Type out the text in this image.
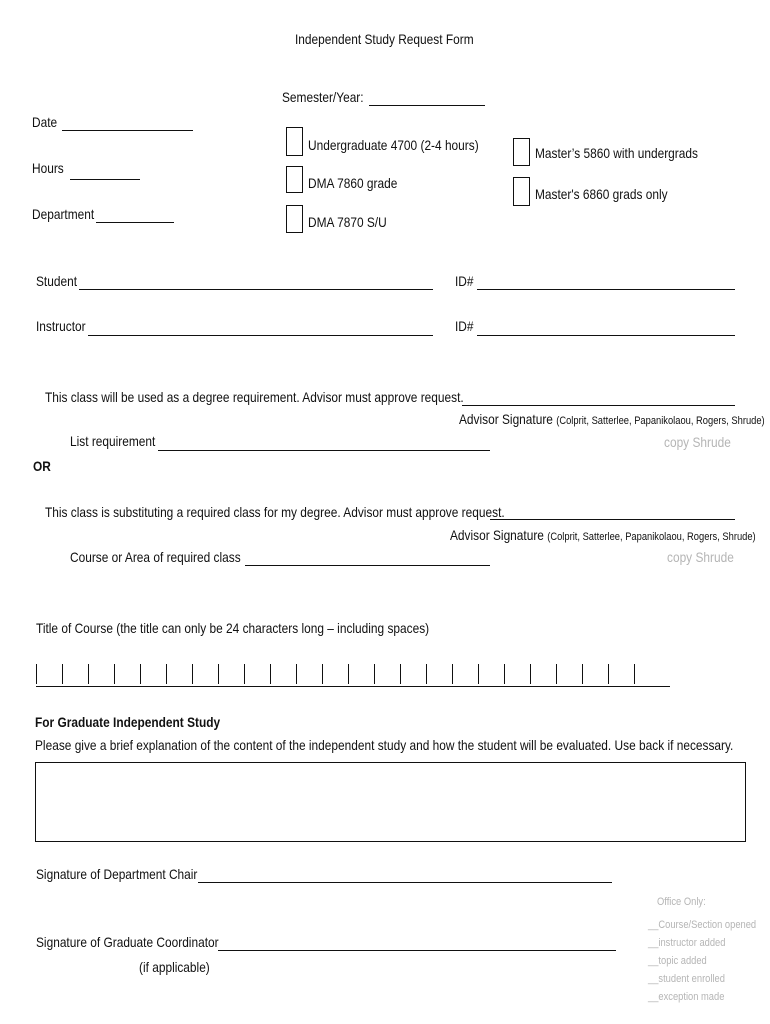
Independent Study Request Form
Semester/Year:
Date
Hours
Department
Undergraduate 4700 (2-4 hours)
DMA 7860 grade
DMA 7870 S/U
Master’s 5860 with undergrads
Master's 6860 grads only
Student	ID#
Instructor	ID#
This class will be used as a degree requirement. Advisor must approve request.
Advisor Signature (Colprit, Satterlee, Papanikolaou, Rogers, Shrude)
copy Shrude
List requirement
OR
This class is substituting a required class for my degree. Advisor must approve request.
Advisor Signature (Colprit, Satterlee, Papanikolaou, Rogers, Shrude)
copy Shrude
Course or Area of required class
Title of Course (the title can only be 24 characters long – including spaces)
For Graduate Independent Study
Please give a brief explanation of the content of the independent study and how the student will be evaluated. Use back if necessary.
Signature of Department Chair
Signature of Graduate Coordinator
(if applicable)
Office Only:
__Course/Section opened
__instructor added
__topic added
__student enrolled
__exception made
